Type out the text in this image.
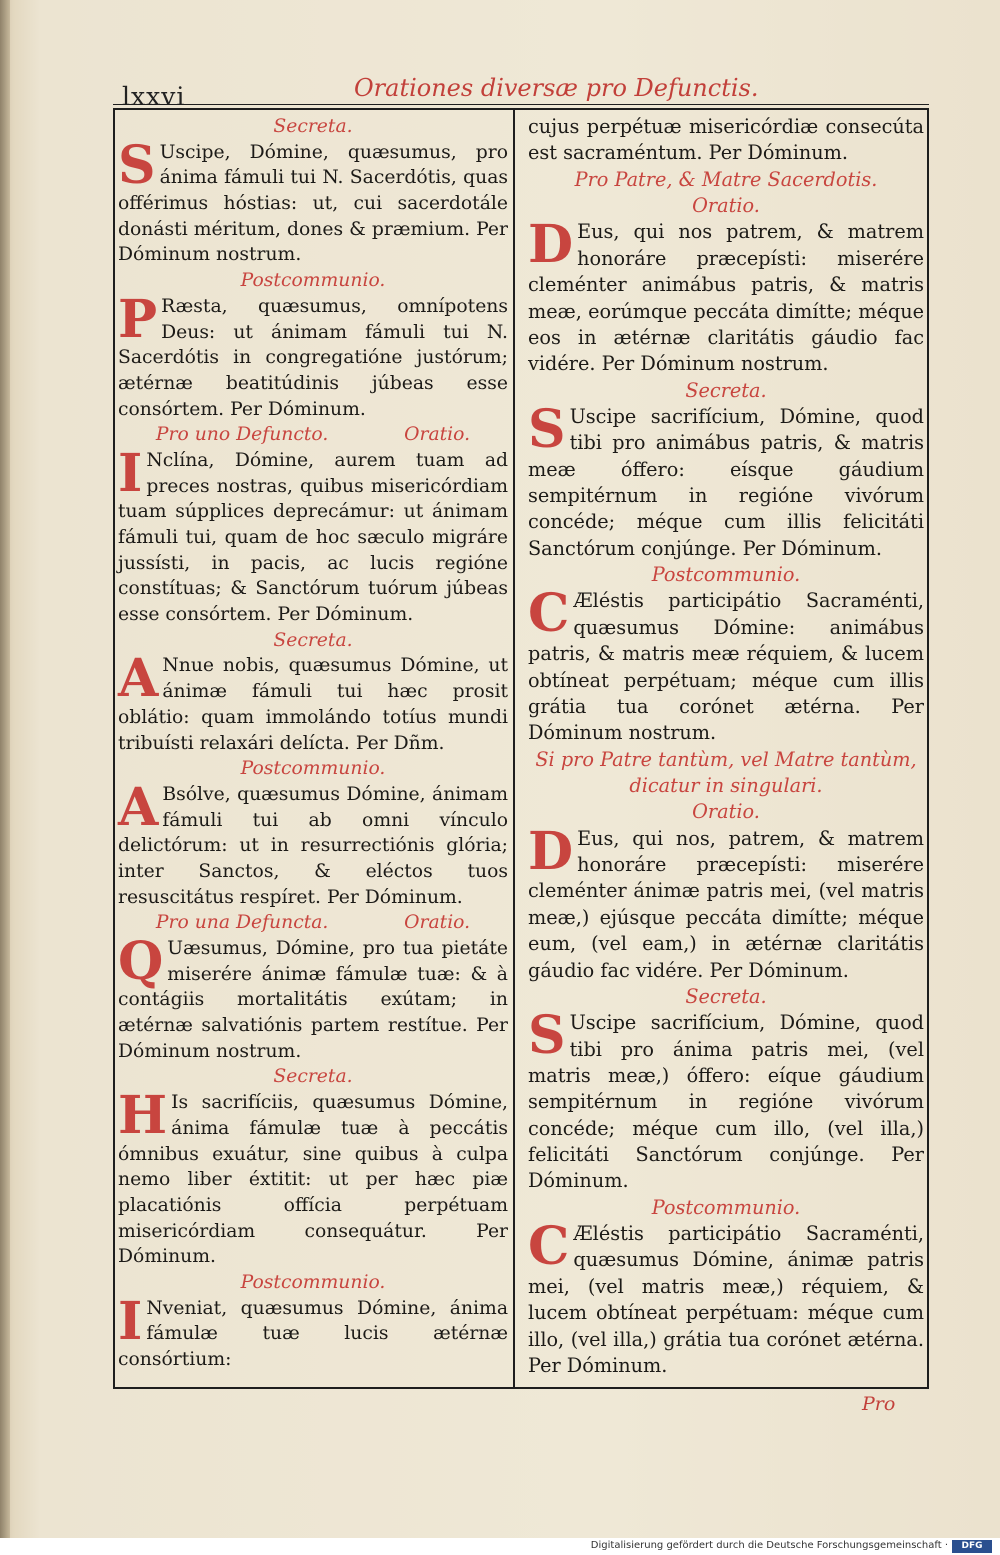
lxxvi	Orationes diversæ pro Defunctis.
Secreta.

S Uscipe, Dómine, quæsumus, pro ánima fámuli tui N. Sacerdótis, quas offérimus hóstias: ut, cui sacerdotále donásti méritum, dones & præmium. Per Dóminum nostrum.

Postcommunio.

P Ræsta, quæsumus, omnípotens Deus: ut ánimam fámuli tui N. Sacerdótis in congregatióne justórum; ætérnæ beatitúdinis júbeas esse consórtem. Per Dóminum.

Pro uno Defuncto.	Oratio.

I Nclína, Dómine, aurem tuam ad preces nostras, quibus misericórdiam tuam súpplices deprecámur: ut ánimam fámuli tui, quam de hoc sæculo migráre jussísti, in pacis, ac lucis regióne constítuas; & Sanctórum tuórum júbeas esse consórtem. Per Dóminum.

Secreta.

A Nnue nobis, quæsumus Dómine, ut ánimæ fámuli tui hæc prosit oblátio: quam immolándo totíus mundi tribuísti relaxári delícta. Per Dñm.

Postcommunio.

A Bsólve, quæsumus Dómine, ánimam fámuli tui ab omni vínculo delictórum: ut in resurrectiónis glória; inter Sanctos, & eléctos tuos resuscitátus respíret. Per Dóminum.

Pro una Defuncta.	Oratio.

Q Uæsumus, Dómine, pro tua pietáte miserére ánimæ fámulæ tuæ: & à contágiis mortalitátis exútam; in ætérnæ salvatiónis partem restítue. Per Dóminum nostrum.

Secreta.

H Is sacrifíciis, quæsumus Dómine, ánima fámulæ tuæ à peccátis ómnibus exuátur, sine quibus à culpa nemo liber éxtitit: ut per hæc piæ placatiónis offícia perpétuam misericórdiam consequátur. Per Dóminum.

Postcommunio.

I Nveniat, quæsumus Dómine, ánima fámulæ tuæ lucis ætérnæ consórtium:

cujus perpétuæ misericórdiæ consecúta est sacraméntum. Per Dóminum.

Pro Patre, & Matre Sacerdotis.
Oratio.

D Eus, qui nos patrem, & matrem honoráre præcepísti: miserére cleménter animábus patris, & matris meæ, eorúmque peccáta dimítte; méque eos in ætérnæ claritátis gáudio fac vidére. Per Dóminum nostrum.

Secreta.

S Uscipe sacrifícium, Dómine, quod tibi pro animábus patris, & matris meæ óffero: eísque gáudium sempitérnum in regióne vivórum concéde; méque cum illis felicitáti Sanctórum conjúnge. Per Dóminum.

Postcommunio.

C Æléstis participátio Sacraménti, quæsumus Dómine: animábus patris, & matris meæ réquiem, & lucem obtíneat perpétuam; méque cum illis grátia tua corónet ætérna. Per Dóminum nostrum.

Si pro Patre tantùm, vel Matre tantùm, dicatur in singulari.
Oratio.

D Eus, qui nos, patrem, & matrem honoráre præcepísti: miserére cleménter ánimæ patris mei, (vel matris meæ,) ejúsque peccáta dimítte; méque eum, (vel eam,) in ætérnæ claritátis gáudio fac vidére. Per Dóminum.

Secreta.

S Uscipe sacrifícium, Dómine, quod tibi pro ánima patris mei, (vel matris meæ,) óffero: eíque gáudium sempitérnum in regióne vivórum concéde; méque cum illo, (vel illa,) felicitáti Sanctórum conjúnge. Per Dóminum.

Postcommunio.

C Æléstis participátio Sacraménti, quæsumus Dómine, ánimæ patris mei, (vel matris meæ,) réquiem, & lucem obtíneat perpétuam: méque cum illo, (vel illa,) grátia tua corónet ætérna. Per Dóminum.

Pro
Digitalisierung gefördert durch die Deutsche Forschungsgemeinschaft ·	DFG
